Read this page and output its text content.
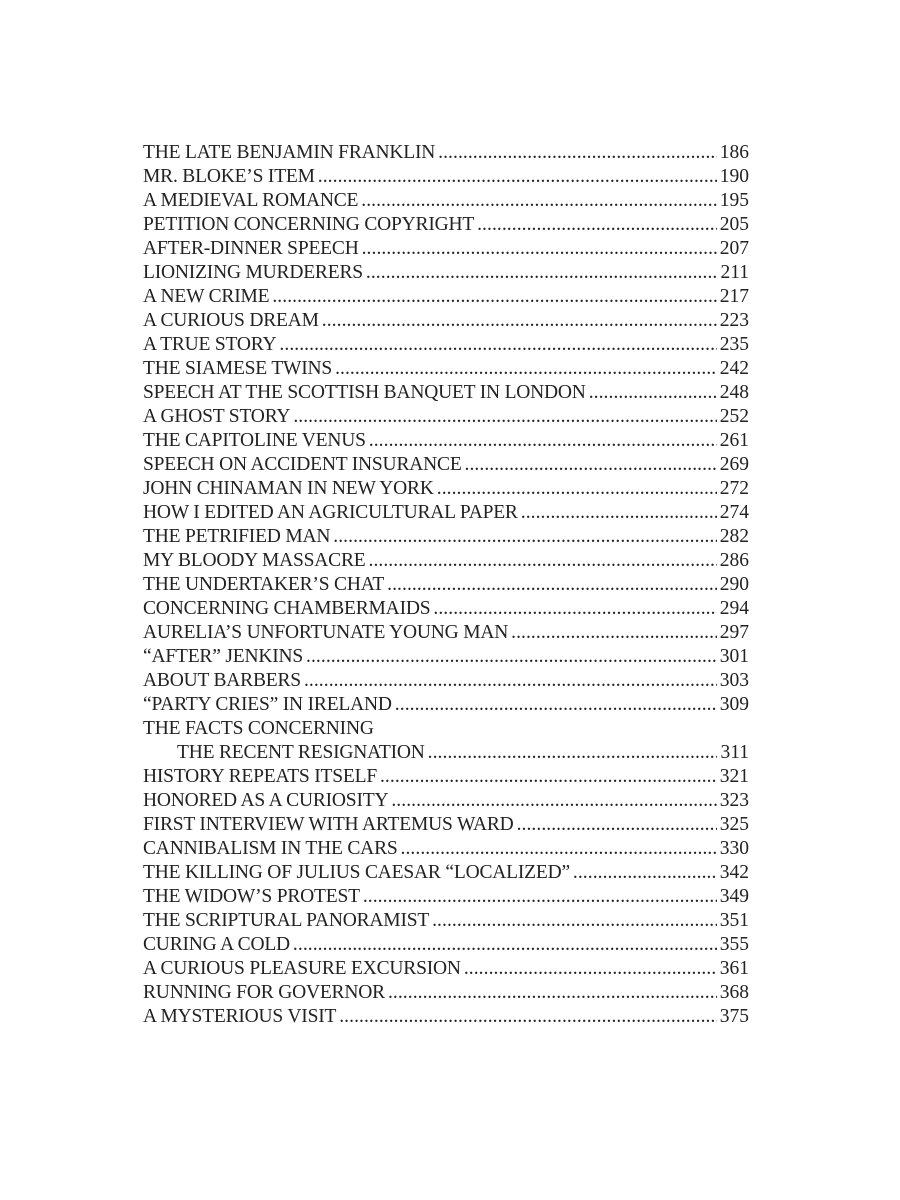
THE LATE BENJAMIN FRANKLIN . . .	186
MR. BLOKE’S ITEM . . .	190
A MEDIEVAL ROMANCE . . .	195
PETITION CONCERNING COPYRIGHT . . .	205
AFTER-DINNER SPEECH . . .	207
LIONIZING MURDERERS . . .	211
A NEW CRIME . . .	217
A CURIOUS DREAM . . .	223
A TRUE STORY . . .	235
THE SIAMESE TWINS . . .	242
SPEECH AT THE SCOTTISH BANQUET IN LONDON . . .	248
A GHOST STORY . . .	252
THE CAPITOLINE VENUS . . .	261
SPEECH ON ACCIDENT INSURANCE . . .	269
JOHN CHINAMAN IN NEW YORK . . .	272
HOW I EDITED AN AGRICULTURAL PAPER . . .	274
THE PETRIFIED MAN . . .	282
MY BLOODY MASSACRE . . .	286
THE UNDERTAKER’S CHAT . . .	290
CONCERNING CHAMBERMAIDS . . .	294
AURELIA’S UNFORTUNATE YOUNG MAN . . .	297
“AFTER” JENKINS . . .	301
ABOUT BARBERS . . .	303
“PARTY CRIES” IN IRELAND . . .	309
THE FACTS CONCERNING
THE RECENT RESIGNATION . . .	311
HISTORY REPEATS ITSELF . . .	321
HONORED AS A CURIOSITY . . .	323
FIRST INTERVIEW WITH ARTEMUS WARD . . .	325
CANNIBALISM IN THE CARS . . .	330
THE KILLING OF JULIUS CAESAR “LOCALIZED” . . .	342
THE WIDOW’S PROTEST . . .	349
THE SCRIPTURAL PANORAMIST . . .	351
CURING A COLD . . .	355
A CURIOUS PLEASURE EXCURSION . . .	361
RUNNING FOR GOVERNOR . . .	368
A MYSTERIOUS VISIT . . .	375
